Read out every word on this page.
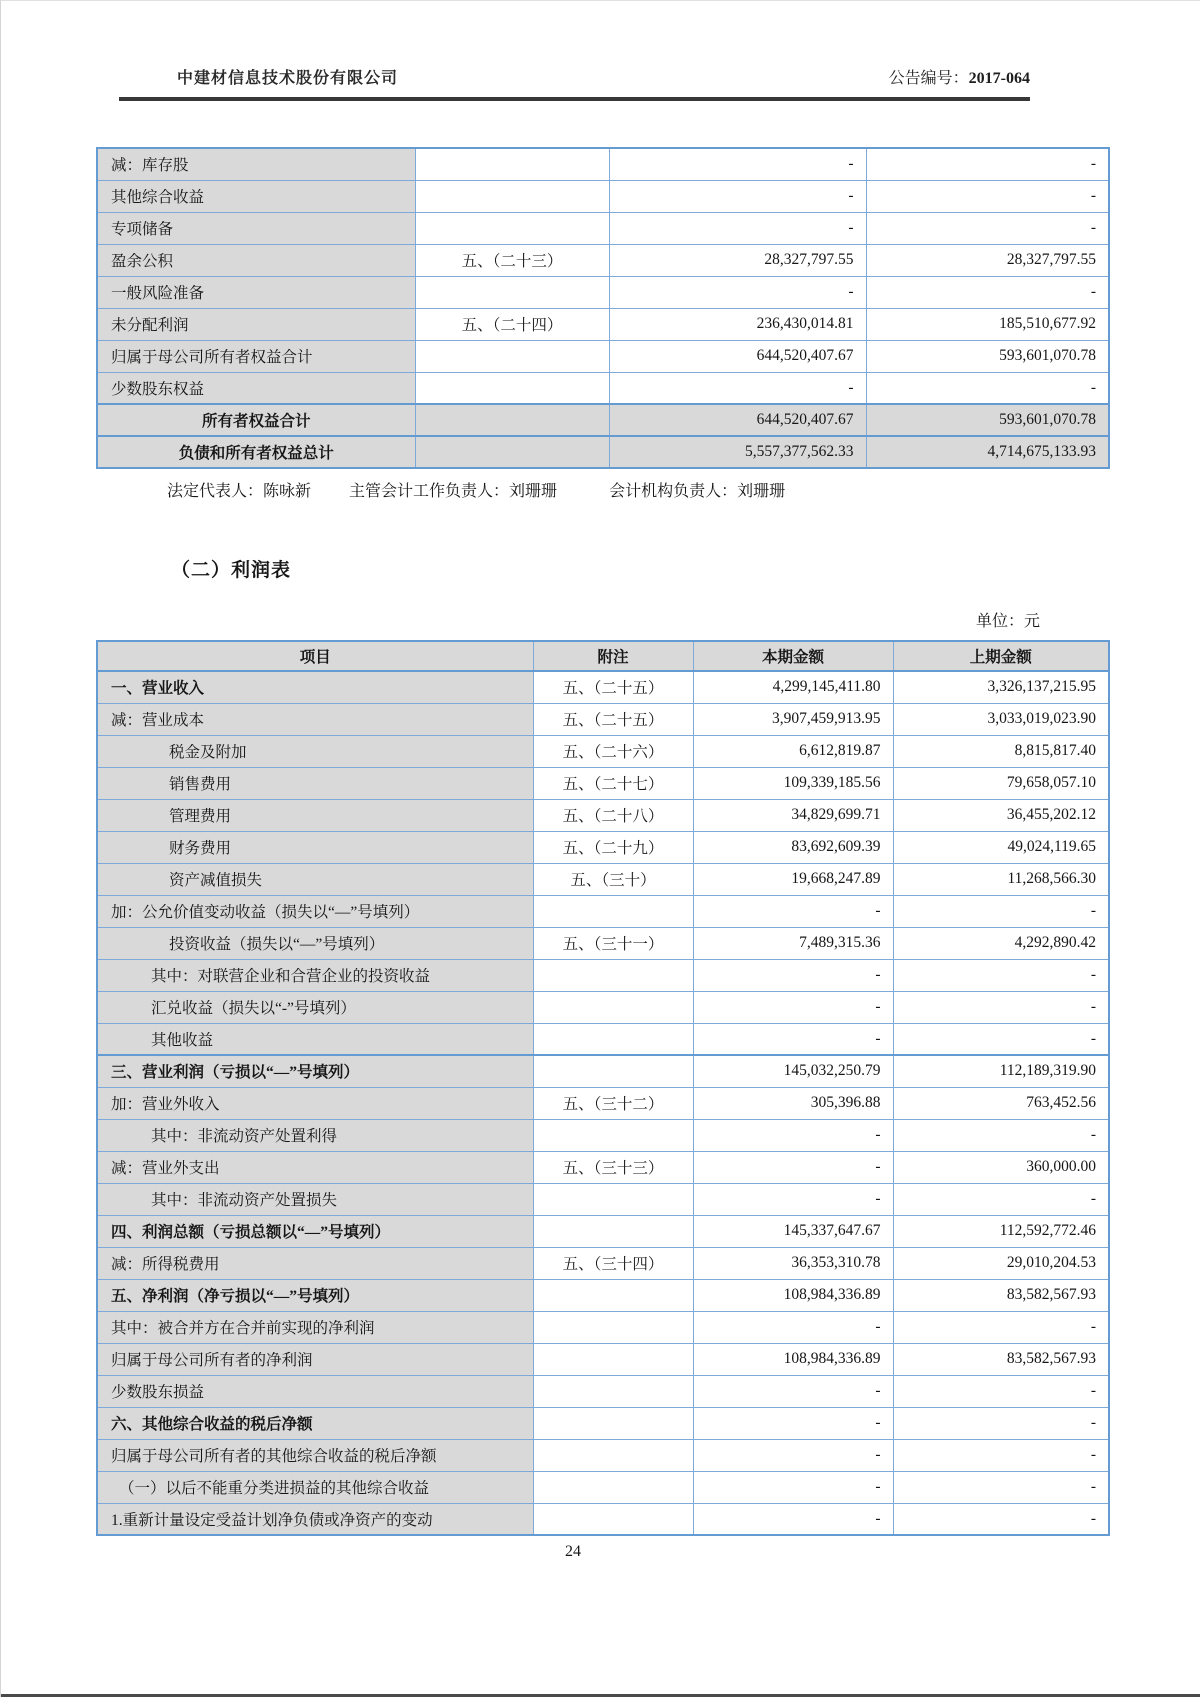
中建材信息技术股份有限公司	公告编号：2017-064
减：库存股		-	-
其他综合收益		-	-
专项储备		-	-
盈余公积	五、（二十三）	28,327,797.55	28,327,797.55
一般风险准备		-	-
未分配利润	五、（二十四）	236,430,014.81	185,510,677.92
归属于母公司所有者权益合计		644,520,407.67	593,601,070.78
少数股东权益		-	-
所有者权益合计		644,520,407.67	593,601,070.78
负债和所有者权益总计		5,557,377,562.33	4,714,675,133.93
法定代表人： 陈咏新 主管会计工作负责人： 刘珊珊	会计机构负责人： 刘珊珊
（二）利润表
单位：元
项目	附注	本期金额	上期金额
一、营业收入	五、（二十五）	4,299,145,411.80	3,326,137,215.95
减：营业成本	五、（二十五）	3,907,459,913.95	3,033,019,023.90
税金及附加	五、（二十六）	6,612,819.87	8,815,817.40
销售费用	五、（二十七）	109,339,185.56	79,658,057.10
管理费用	五、（二十八）	34,829,699.71	36,455,202.12
财务费用	五、（二十九）	83,692,609.39	49,024,119.65
资产减值损失	五、（三十）	19,668,247.89	11,268,566.30
加：公允价值变动收益（损失以“—”号填列）		-	-
投资收益（损失以“—”号填列）	五、（三十一）	7,489,315.36	4,292,890.42
其中：对联营企业和合营企业的投资收益		-	-
汇兑收益（损失以“-”号填列）		-	-
其他收益		-	-
三、营业利润（亏损以“—”号填列）		145,032,250.79	112,189,319.90
加：营业外收入	五、（三十二）	305,396.88	763,452.56
其中：非流动资产处置利得		-	-
减：营业外支出	五、（三十三）	-	360,000.00
其中：非流动资产处置损失		-	-
四、利润总额（亏损总额以“—”号填列）		145,337,647.67	112,592,772.46
减：所得税费用	五、（三十四）	36,353,310.78	29,010,204.53
五、净利润（净亏损以“—”号填列）		108,984,336.89	83,582,567.93
其中：被合并方在合并前实现的净利润		-	-
归属于母公司所有者的净利润		108,984,336.89	83,582,567.93
少数股东损益		-	-
六、其他综合收益的税后净额		-	-
归属于母公司所有者的其他综合收益的税后净额		-	-
（一）以后不能重分类进损益的其他综合收益		-	-
1.重新计量设定受益计划净负债或净资产的变动		-	-
24
